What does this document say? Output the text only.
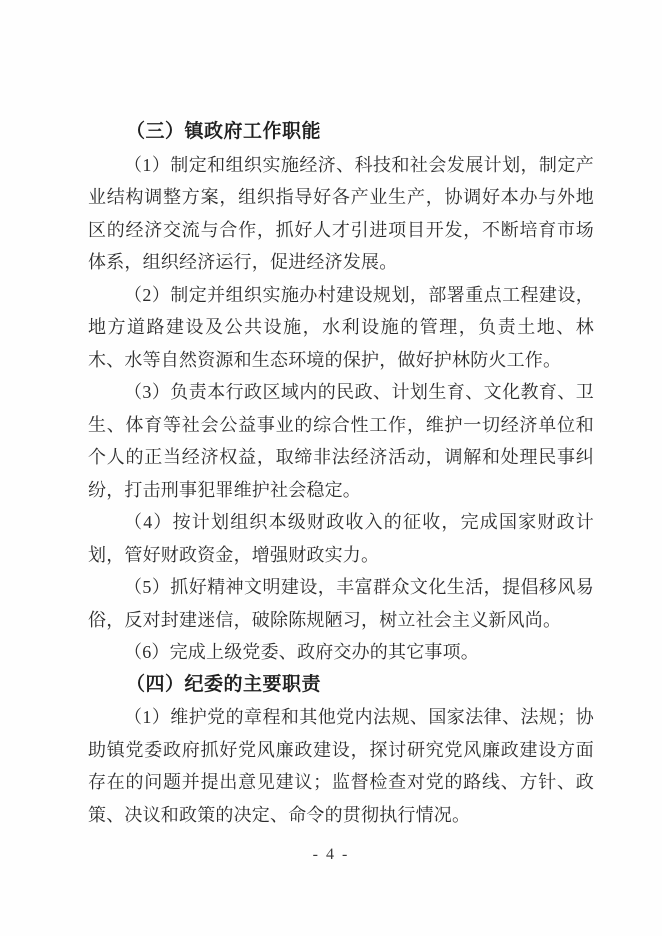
（三）镇政府工作职能

（1）制定和组织实施经济、科技和社会发展计划，制定产业结构调整方案，组织指导好各产业生产，协调好本办与外地区的经济交流与合作，抓好人才引进项目开发，不断培育市场体系，组织经济运行，促进经济发展。

（2）制定并组织实施办村建设规划，部署重点工程建设，地方道路建设及公共设施，水利设施的管理，负责土地、林木、水等自然资源和生态环境的保护，做好护林防火工作。

（3）负责本行政区域内的民政、计划生育、文化教育、卫生、体育等社会公益事业的综合性工作，维护一切经济单位和个人的正当经济权益，取缔非法经济活动，调解和处理民事纠纷，打击刑事犯罪维护社会稳定。

（4）按计划组织本级财政收入的征收，完成国家财政计划，管好财政资金，增强财政实力。

（5）抓好精神文明建设，丰富群众文化生活，提倡移风易俗，反对封建迷信，破除陈规陋习，树立社会主义新风尚。

（6）完成上级党委、政府交办的其它事项。

（四）纪委的主要职责

（1）维护党的章程和其他党内法规、国家法律、法规；协助镇党委政府抓好党风廉政建设，探讨研究党风廉政建设方面存在的问题并提出意见建议；监督检查对党的路线、方针、政策、决议和政策的决定、命令的贯彻执行情况。

- 4 -
